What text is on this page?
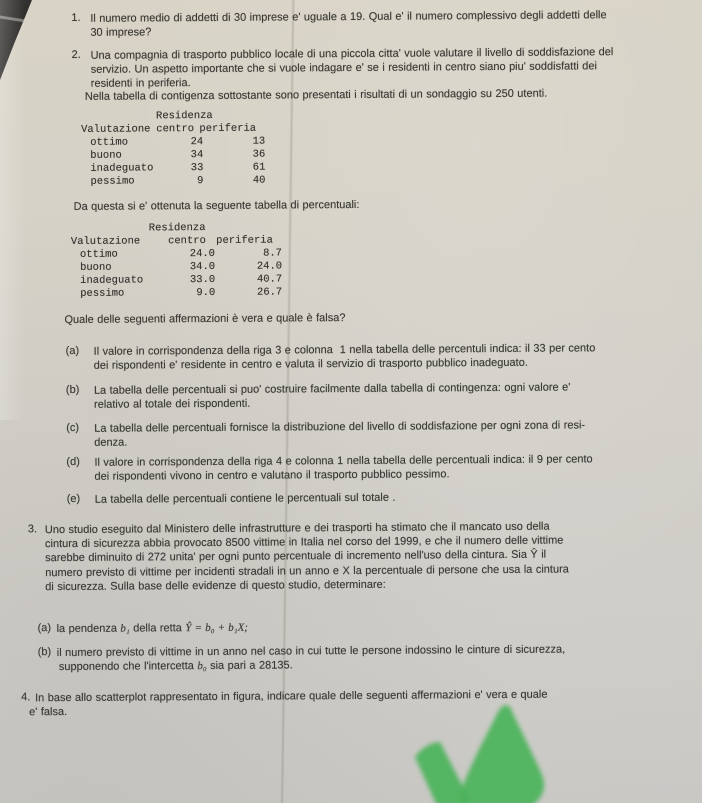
1. Il numero medio di addetti di 30 imprese e' uguale a 19. Qual e' il numero complessivo degli addetti delle
30 imprese?
2. Una compagnia di trasporto pubblico locale di una piccola citta' vuole valutare il livello di soddisfazione del
servizio. Un aspetto importante che si vuole indagare e' se i residenti in centro siano piu' soddisfatti dei
residenti in periferia.
Nella tabella di contigenza sottostante sono presentati i risultati di un sondaggio su 250 utenti.
Residenza
Valutazione centro periferia
ottimo	24	13
buono	34	36
inadeguato	33	61
pessimo	9	40
Da questa si e' ottenuta la seguente tabella di percentuali:
Residenza
Valutazione	centro periferia
ottimo	24.0	8.7
buono	34.0	24.0
inadeguato	33.0	40.7
pessimo	9.0	26.7
Quale delle seguenti affermazioni è vera e quale è falsa?
(a) Il valore in corrispondenza della riga 3 e colonna  1 nella tabella delle percentuli indica: il 33 per cento
dei rispondenti e' residente in centro e valuta il servizio di trasporto pubblico inadeguato.
(b) La tabella delle percentuali si puo' costruire facilmente dalla tabella di contingenza: ogni valore e'
relativo al totale dei rispondenti.
(c) La tabella delle percentuali fornisce la distribuzione del livello di soddisfazione per ogni zona di resi-
denza.
(d) Il valore in corrispondenza della riga 4 e colonna 1 nella tabella delle percentuali indica: il 9 per cento
dei rispondenti vivono in centro e valutano il trasporto pubblico pessimo.
(e) La tabella delle percentuali contiene le percentuali sul totale .
3. Uno studio eseguito dal Ministero delle infrastrutture e dei trasporti ha stimato che il mancato uso della
cintura di sicurezza abbia provocato 8500 vittime in Italia nel corso del 1999, e che il numero delle vittime
sarebbe diminuito di 272 unita' per ogni punto percentuale di incremento nell'uso della cintura. Sia Ŷ il
numero previsto di vittime per incidenti stradali in un anno e X la percentuale di persone che usa la cintura
di sicurezza. Sulla base delle evidenze di questo studio, determinare:
(a) la pendenza b₁ della retta Ŷ = b₀ + b₁X;
(b) il numero previsto di vittime in un anno nel caso in cui tutte le persone indossino le cinture di sicurezza,
supponendo che l'intercetta b₀ sia pari a 28135.
4. In base allo scatterplot rappresentato in figura, indicare quale delle seguenti affermazioni e' vera e quale
e' falsa.
